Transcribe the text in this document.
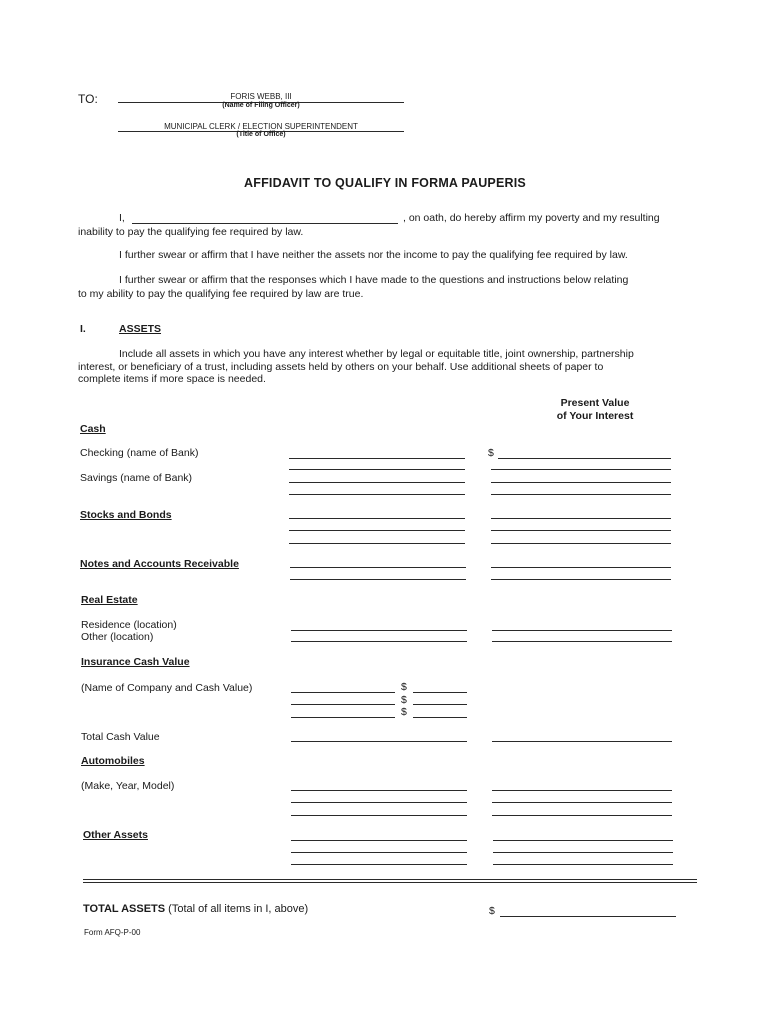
TO:	FORIS WEBB, III
(Name of Filing Officer)
MUNICIPAL CLERK / ELECTION SUPERINTENDENT
(Title of Office)
AFFIDAVIT TO QUALIFY IN FORMA PAUPERIS
I,	, on oath, do hereby affirm my poverty and my resulting
inability to pay the qualifying fee required by law.
I further swear or affirm that I have neither the assets nor the income to pay the qualifying fee required by law.
I further swear or affirm that the responses which I have made to the questions and instructions below relating
to my ability to pay the qualifying fee required by law are true.
I.	ASSETS
Include all assets in which you have any interest whether by legal or equitable title, joint ownership, partnership
interest, or beneficiary of a trust, including assets held by others on your behalf. Use additional sheets of paper to
complete items if more space is needed.
Present Value
of Your Interest
Cash
Checking (name of Bank)	$
Savings (name of Bank)
Stocks and Bonds
Notes and Accounts Receivable
Real Estate
Residence (location)
Other (location)
Insurance Cash Value
(Name of Company and Cash Value)	$
$
$
Total Cash Value
Automobiles
(Make, Year, Model)
Other Assets
TOTAL ASSETS (Total of all items in I, above)	$
Form AFQ-P-00
